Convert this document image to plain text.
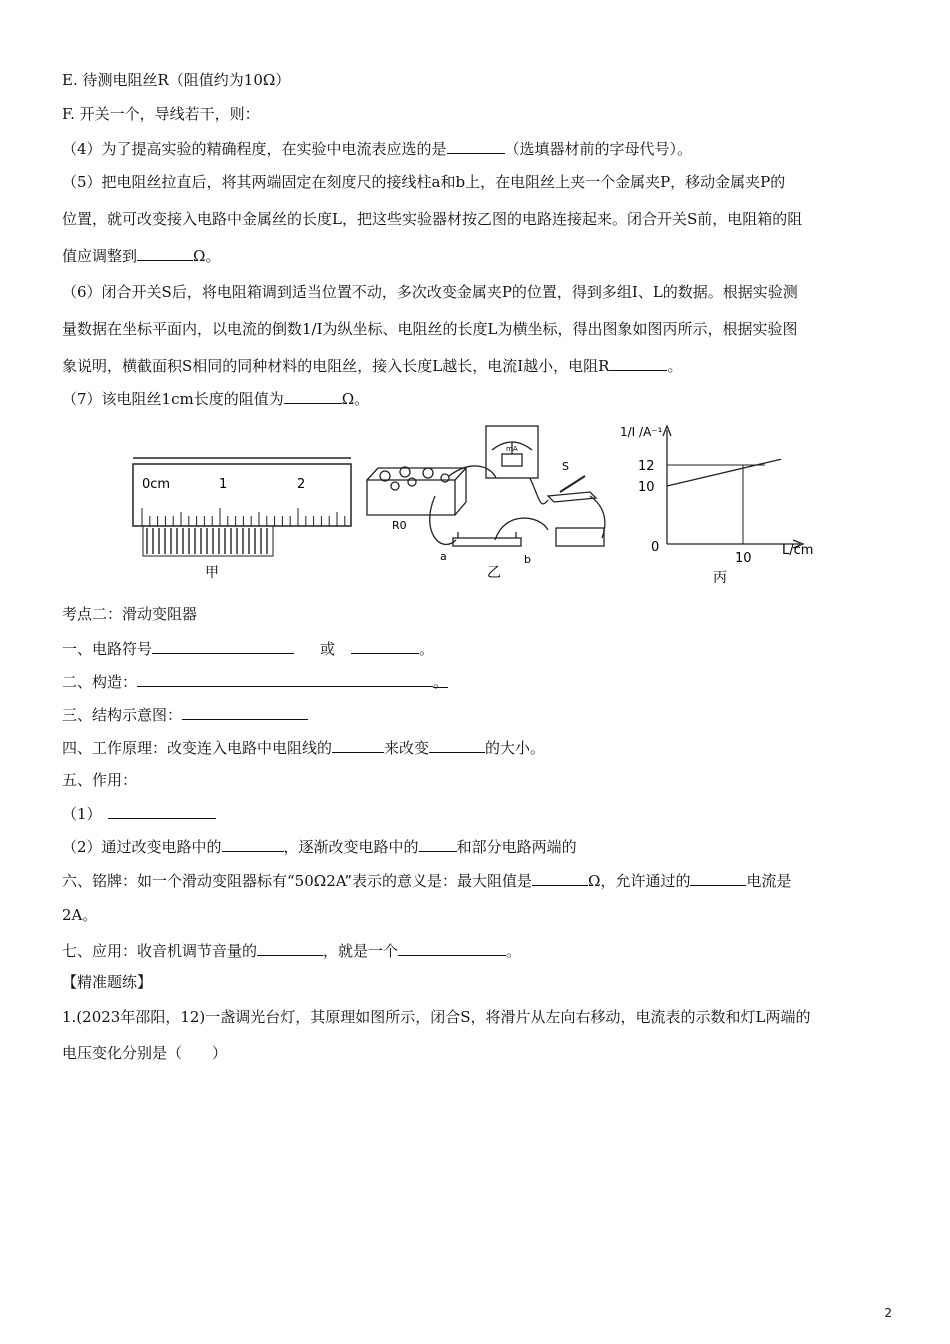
E. 待测电阻丝R（阻值约为10Ω）
F. 开关一个，导线若干，则：
（4）为了提高实验的精确程度，在实验中电流表应选的是	（选填器材前的字母代号）。
（5）把电阻丝拉直后，将其两端固定在刻度尺的接线柱a和b上，在电阻丝上夹一个金属夹P，移动金属夹P的
位置，就可改变接入电路中金属丝的长度L，把这些实验器材按乙图的电路连接起来。闭合开关S前，电阻箱的阻
值应调整到	Ω。
（6）闭合开关S后，将电阻箱调到适当位置不动，多次改变金属夹P的位置，得到多组I、L的数据。根据实验测
量数据在坐标平面内，以电流的倒数1/I为纵坐标、电阻丝的长度L为横坐标，得出图象如图丙所示，根据实验图
象说明，横截面积S相同的同种材料的电阻丝，接入长度L越长，电流I越小，电阻R	。
（7）该电阻丝1cm长度的阻值为	Ω。
0cm	1	2
甲
R0
mA
S
a	b
乙
1/I /A⁻¹
12
10
0
10
L/cm
丙
考点二：滑动变阻器
一、电路符号	或	。
二、构造：	。
三、结构示意图：
四、工作原理：改变连入电路中电阻线的	来改变	的大小。
五、作用：
（1）
（2）通过改变电路中的	，逐渐改变电路中的	和部分电路两端的
六、铭牌：如一个滑动变阻器标有“50Ω2A”表示的意义是：最大阻值是	Ω，允许通过的	电流是
2A。
七、应用：收音机调节音量的	，就是一个	。
【精准题练】
1.(2023年邵阳，12)一盏调光台灯，其原理如图所示，闭合S，将滑片从左向右移动，电流表的示数和灯L两端的
电压变化分别是（　　）
2
